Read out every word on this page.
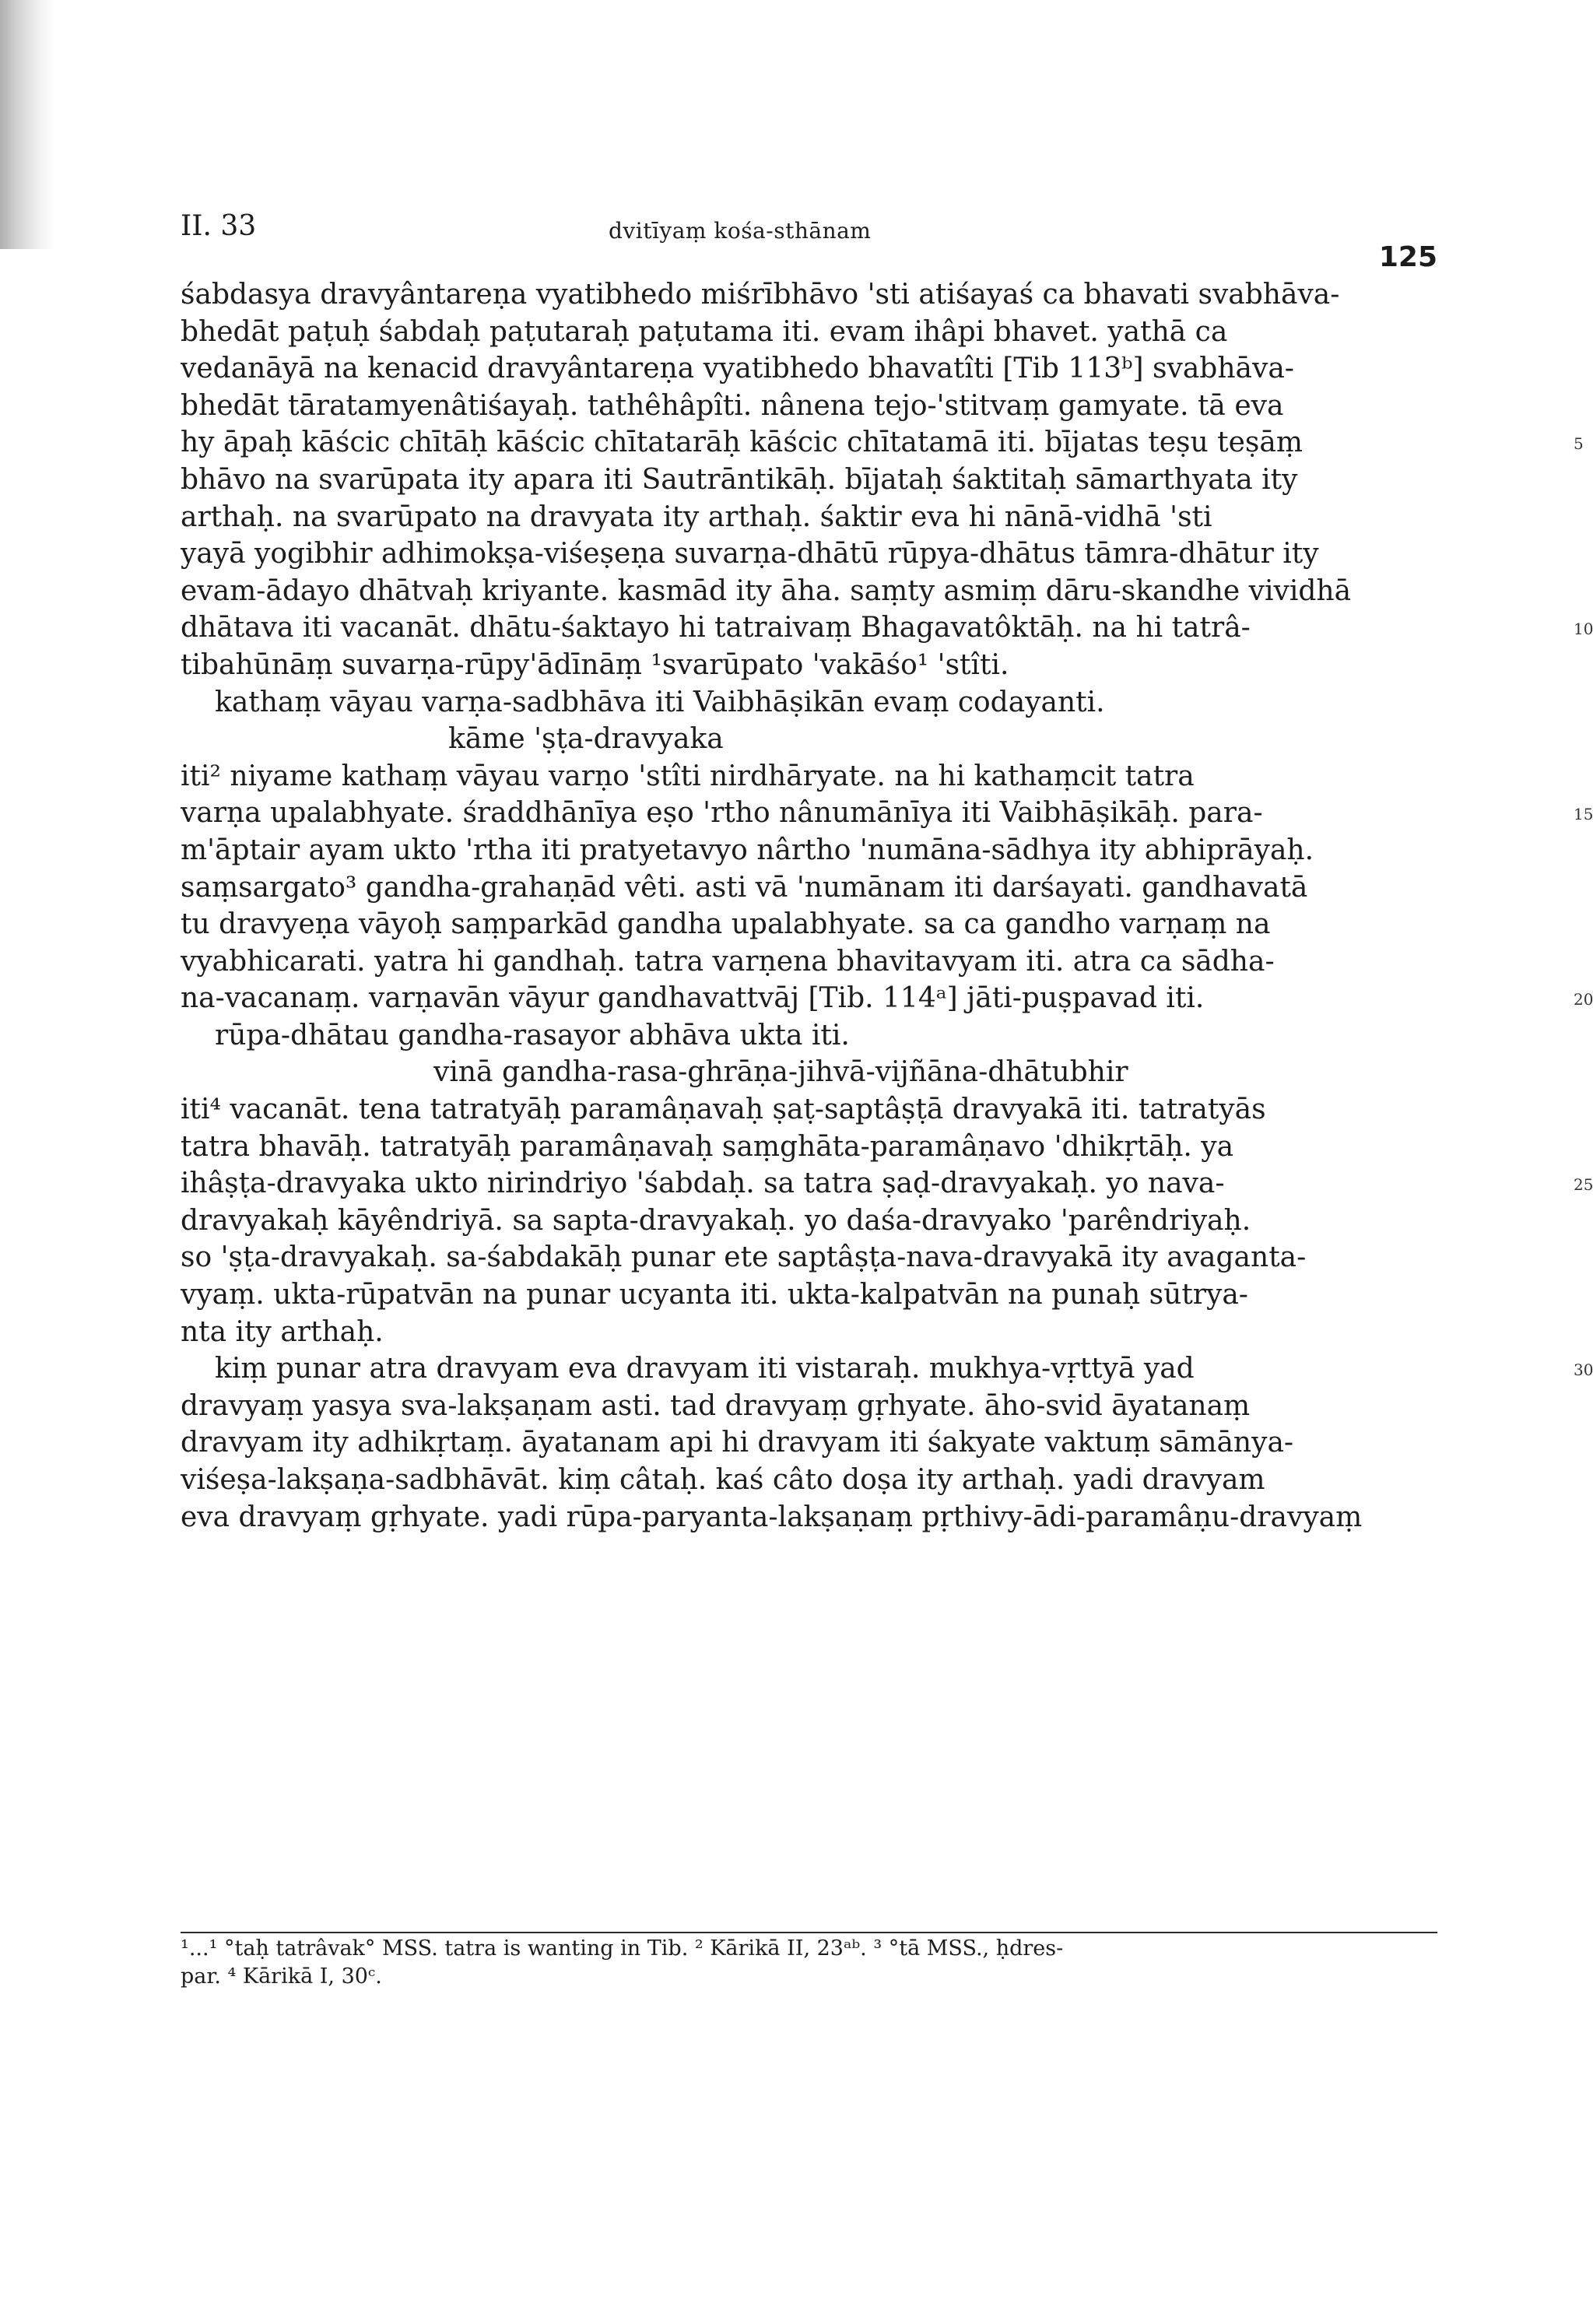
II. 33	dvitīyaṃ kośa-sthānam
125
śabdasya dravyântareṇa vyatibhedo miśrībhāvo 'sti atiśayaś ca bhavati svabhāva-
bhedāt paṭuḥ śabdaḥ paṭutaraḥ paṭutama iti. evam ihâpi bhavet. yathā ca
vedanāyā na kenacid dravyântareṇa vyatibhedo bhavatîti [Tib 113ᵇ] svabhāva-
bhedāt tāratamyenâtiśayaḥ. tathêhâpîti. nânena tejo-'stitvaṃ gamyate. tā eva
hy āpaḥ kāścic chītāḥ kāścic chītatarāḥ kāścic chītatamā iti. bījatas teṣu teṣāṃ	5
bhāvo na svarūpata ity apara iti Sautrāntikāḥ. bījataḥ śaktitaḥ sāmarthyata ity
arthaḥ. na svarūpato na dravyata ity arthaḥ. śaktir eva hi nānā-vidhā 'sti
yayā yogibhir adhimokṣa-viśeṣeṇa suvarṇa-dhātū rūpya-dhātus tāmra-dhātur ity
evam-ādayo dhātvaḥ kriyante. kasmād ity āha. saṃty asmiṃ dāru-skandhe vividhā
dhātava iti vacanāt. dhātu-śaktayo hi tatraivaṃ Bhagavatôktāḥ. na hi tatrâ-	10
tibahūnāṃ suvarṇa-rūpy'ādīnāṃ ¹svarūpato 'vakāśo¹ 'stîti.
kathaṃ vāyau varṇa-sadbhāva iti Vaibhāṣikān evaṃ codayanti.
kāme 'ṣṭa-dravyaka
iti² niyame kathaṃ vāyau varṇo 'stîti nirdhāryate. na hi kathaṃcit tatra
varṇa upalabhyate. śraddhānīya eṣo 'rtho nânumānīya iti Vaibhāṣikāḥ. para-	15
m'āptair ayam ukto 'rtha iti pratyetavyo nârtho 'numāna-sādhya ity abhiprāyaḥ.
saṃsargato³ gandha-grahaṇād vêti. asti vā 'numānam iti darśayati. gandhavatā
tu dravyeṇa vāyoḥ saṃparkād gandha upalabhyate. sa ca gandho varṇaṃ na
vyabhicarati. yatra hi gandhaḥ. tatra varṇena bhavitavyam iti. atra ca sādha-
na-vacanaṃ. varṇavān vāyur gandhavattvāj [Tib. 114ᵃ] jāti-puṣpavad iti.	20
rūpa-dhātau gandha-rasayor abhāva ukta iti.
vinā gandha-rasa-ghrāṇa-jihvā-vijñāna-dhātubhir
iti⁴ vacanāt. tena tatratyāḥ paramâṇavaḥ ṣaṭ-saptâṣṭā dravyakā iti. tatratyās
tatra bhavāḥ. tatratyāḥ paramâṇavaḥ saṃghāta-paramâṇavo 'dhikṛtāḥ. ya
ihâṣṭa-dravyaka ukto nirindriyo 'śabdaḥ. sa tatra ṣaḍ-dravyakaḥ. yo nava-	25
dravyakaḥ kāyêndriyā. sa sapta-dravyakaḥ. yo daśa-dravyako 'parêndriyaḥ.
so 'ṣṭa-dravyakaḥ. sa-śabdakāḥ punar ete saptâṣṭa-nava-dravyakā ity avaganta-
vyaṃ. ukta-rūpatvān na punar ucyanta iti. ukta-kalpatvān na punaḥ sūtrya-
nta ity arthaḥ.
kiṃ punar atra dravyam eva dravyam iti vistaraḥ. mukhya-vṛttyā yad	30
dravyaṃ yasya sva-lakṣaṇam asti. tad dravyaṃ gṛhyate. āho-svid āyatanaṃ
dravyam ity adhikṛtaṃ. āyatanam api hi dravyam iti śakyate vaktuṃ sāmānya-
viśeṣa-lakṣaṇa-sadbhāvāt. kiṃ câtaḥ. kaś câto doṣa ity arthaḥ. yadi dravyam
eva dravyaṃ gṛhyate. yadi rūpa-paryanta-lakṣaṇaṃ pṛthivy-ādi-paramâṇu-dravyaṃ
¹...¹ °taḥ tatrâvak° MSS. tatra is wanting in Tib. ² Kārikā II, 23ᵃᵇ. ³ °tā MSS., ḥdres-
par. ⁴ Kārikā I, 30ᶜ.
